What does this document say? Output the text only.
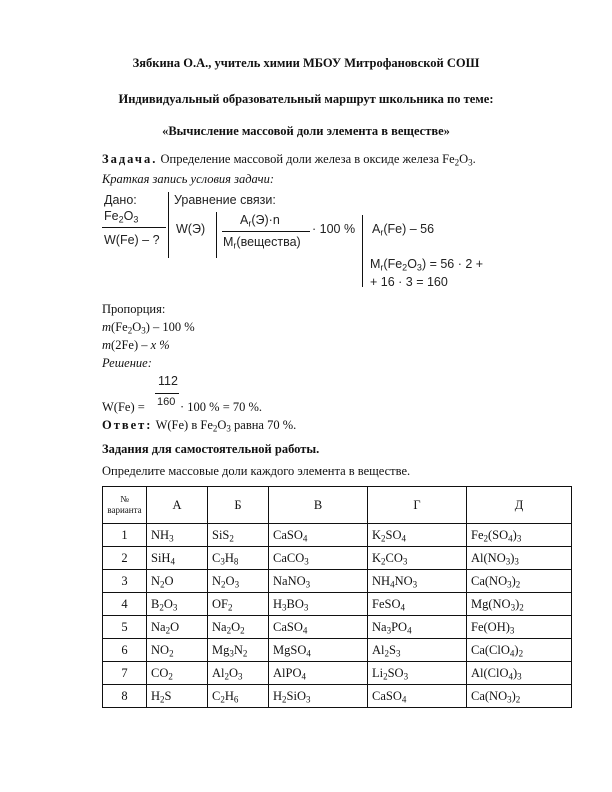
Зябкина О.А., учитель химии МБОУ Митрофановской СОШ
Индивидуальный образовательный маршрут школьника по теме:
«Вычисление массовой доли элемента в веществе»
Задача. Определение массовой доли железа в оксиде железа $Fe_2O_3$.
Краткая запись условия задачи:
Дано:
$Fe_2O_3$
W(Fe) – ?
Уравнение связи:
W(Э)
$A_r(Э)\cdot n$
$M_r(вещества)$
· 100 % $A_r(Fe) - 56$
$M_r(Fe_2O_3) = 56 \cdot 2$ +
+ 16 · 3 = 160
Пропорция:
$m(Fe_2O_3) - 100$ %
m(2Fe) – x %
Решение:
112
160
W(Fe) =	· 100 % = 70 %.
Ответ: W(Fe) в $Fe_2O_3$ равна 70 %.
Задания для самостоятельной работы.
Определите массовые доли каждого элемента в веществе.
№
варианта	А	Б	В	Г	Д
1	$NH_3$	SiS$_2$	CaSO$_4$	$K_2SO_4$	$Fe_2(SO_4)_3$
2	SiH$_4$	$C_3H_8$	CaCO$_3$	$K_2CO_3$	$Al(NO_3)_3$
3	$N_2O$	$N_2O_3$	NaNO$_3$	$NH_4NO_3$	$Ca(NO_3)_2$
4	$B_2O_3$	$OF_2$	$H_3BO_3$	FeSO$_4$	$Mg(NO_3)_2$
5	$Na_2O$	$Na_2O_2$	CaSO$_4$	$Na_3PO_4$	$Fe(OH)_3$
6	$NO_2$	$Mg_3N_2$	MgSO$_4$	$Al_2S_3$	$Ca(ClO_4)_2$
7	$CO_2$	$Al_2O_3$	AlPO$_4$	$Li_2SO_3$	$Al(ClO_4)_3$
8	$H_2S$	$C_2H_6$	$H_2SiO_3$	CaSO$_4$	$Ca(NO_3)_2$
